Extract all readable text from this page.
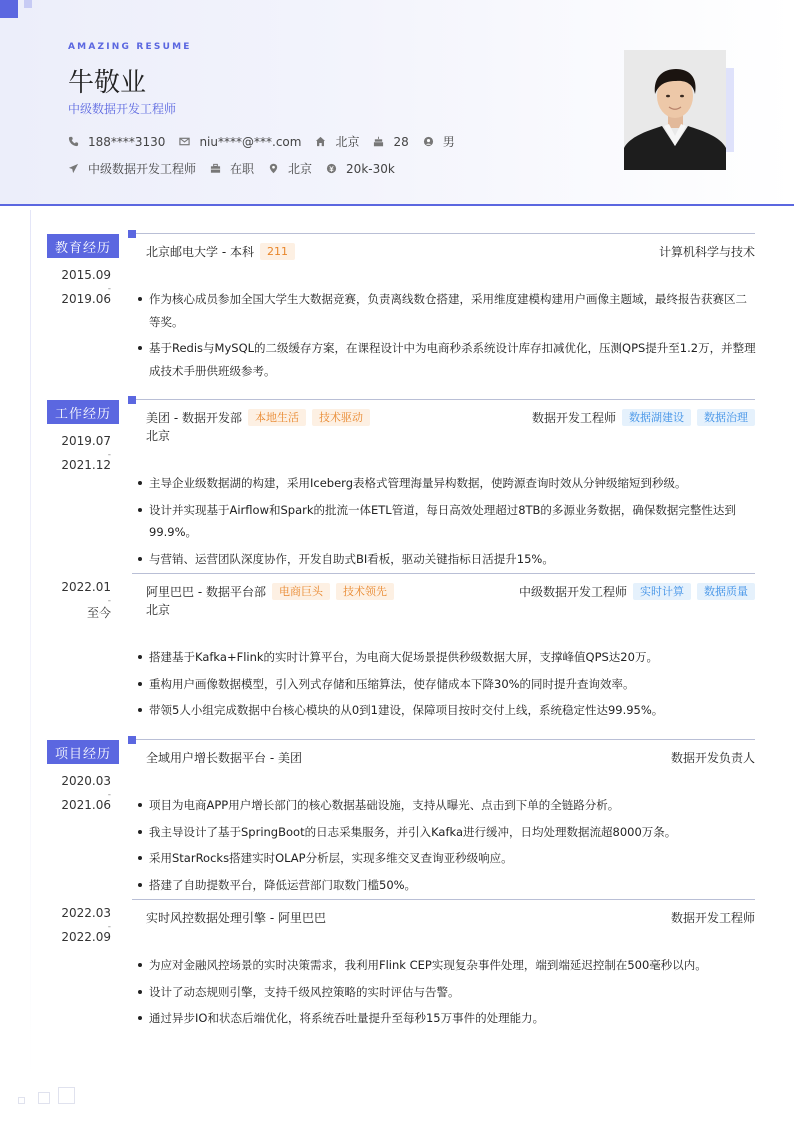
AMAZING RESUME
牛敬业
中级数据开发工程师
188****3130	niu****@***.com	北京	28	男
中级数据开发工程师	在职	北京	20k-30k
教育经历
2015.09
-
2019.06
北京邮电大学 - 本科	211	计算机科学与技术
作为核心成员参加全国大学生大数据竞赛，负责离线数仓搭建，采用维度建模构建用户画像主题域，最终报告获赛区二等奖。
基于Redis与MySQL的二级缓存方案，在课程设计中为电商秒杀系统设计库存扣减优化，压测QPS提升至1.2万，并整理成技术手册供班级参考。
工作经历
2019.07
-
2021.12
美团 - 数据开发部	本地生活	技术驱动	数据开发工程师	数据湖建设	数据治理
北京
主导企业级数据湖的构建，采用Iceberg表格式管理海量异构数据，使跨源查询时效从分钟级缩短到秒级。
设计并实现基于Airflow和Spark的批流一体ETL管道，每日高效处理超过8TB的多源业务数据，确保数据完整性达到99.9%。
与营销、运营团队深度协作，开发自助式BI看板，驱动关键指标日活提升15%。
2022.01
-
至今
阿里巴巴 - 数据平台部	电商巨头	技术领先	中级数据开发工程师	实时计算	数据质量
北京
搭建基于Kafka+Flink的实时计算平台，为电商大促场景提供秒级数据大屏，支撑峰值QPS达20万。
重构用户画像数据模型，引入列式存储和压缩算法，使存储成本下降30%的同时提升查询效率。
带领5人小组完成数据中台核心模块的从0到1建设，保障项目按时交付上线，系统稳定性达99.95%。
项目经历
2020.03
-
2021.06
全域用户增长数据平台 - 美团	数据开发负责人
项目为电商APP用户增长部门的核心数据基础设施，支持从曝光、点击到下单的全链路分析。
我主导设计了基于SpringBoot的日志采集服务，并引入Kafka进行缓冲，日均处理数据流超8000万条。
采用StarRocks搭建实时OLAP分析层，实现多维交叉查询亚秒级响应。
搭建了自助提数平台，降低运营部门取数门槛50%。
2022.03
-
2022.09
实时风控数据处理引擎 - 阿里巴巴	数据开发工程师
为应对金融风控场景的实时决策需求，我利用Flink CEP实现复杂事件处理，端到端延迟控制在500毫秒以内。
设计了动态规则引擎，支持千级风控策略的实时评估与告警。
通过异步IO和状态后端优化，将系统吞吐量提升至每秒15万事件的处理能力。
